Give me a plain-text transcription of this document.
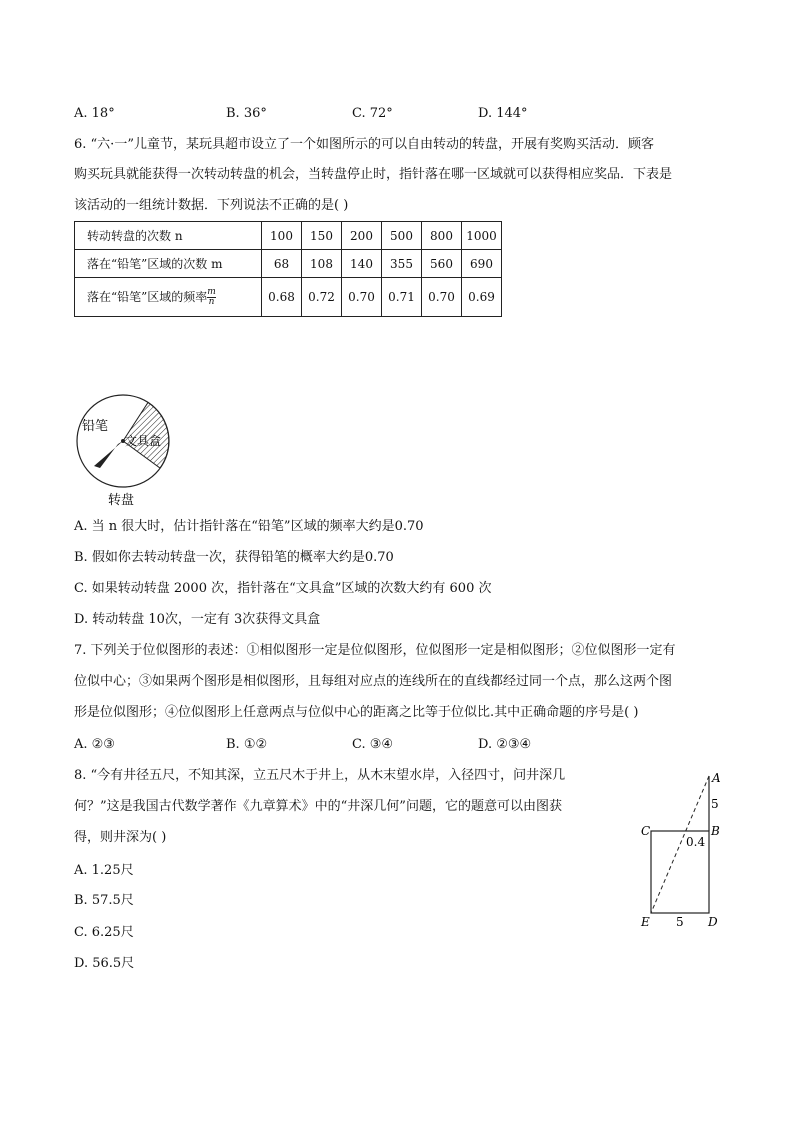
A. 18°	B. 36°	C. 72°	D. 144°
6. “六·一”儿童节，某玩具超市设立了一个如图所示的可以自由转动的转盘，开展有奖购买活动．顾客
购买玩具就能获得一次转动转盘的机会，当转盘停止时，指针落在哪一区域就可以获得相应奖品．下表是
该活动的一组统计数据．下列说法不正确的是( )
转动转盘的次数 n	100	150	200	500	800	1000
落在“铅笔”区域的次数 m	68	108	140	355	560	690
落在“铅笔”区域的频率 $\frac{m}{n}$	0.68	0.72	0.70	0.71	0.70	0.69
铅笔
文具盒
转盘
A. 当 n 很大时，估计指针落在“铅笔”区域的频率大约是0.70
B. 假如你去转动转盘一次，获得铅笔的概率大约是0.70
C. 如果转动转盘 2000 次，指针落在“文具盒”区域的次数大约有 600 次
D. 转动转盘 10次，一定有 3次获得文具盒
7. 下列关于位似图形的表述：①相似图形一定是位似图形，位似图形一定是相似图形；②位似图形一定有
位似中心；③如果两个图形是相似图形，且每组对应点的连线所在的直线都经过同一个点，那么这两个图
形是位似图形；④位似图形上任意两点与位似中心的距离之比等于位似比.其中正确命题的序号是( )
A. ②③	B. ①②	C. ③④	D. ②③④
8. “今有井径五尺，不知其深，立五尺木于井上，从木末望水岸，入径四寸，问井深几
何？”这是我国古代数学著作《九章算术》中的“井深几何”问题，它的题意可以由图获
得，则井深为( )
A. 1.25尺
B. 57.5尺
C. 6.25尺
D. 56.5尺
A
5
B
C
0.4
E 5 D
